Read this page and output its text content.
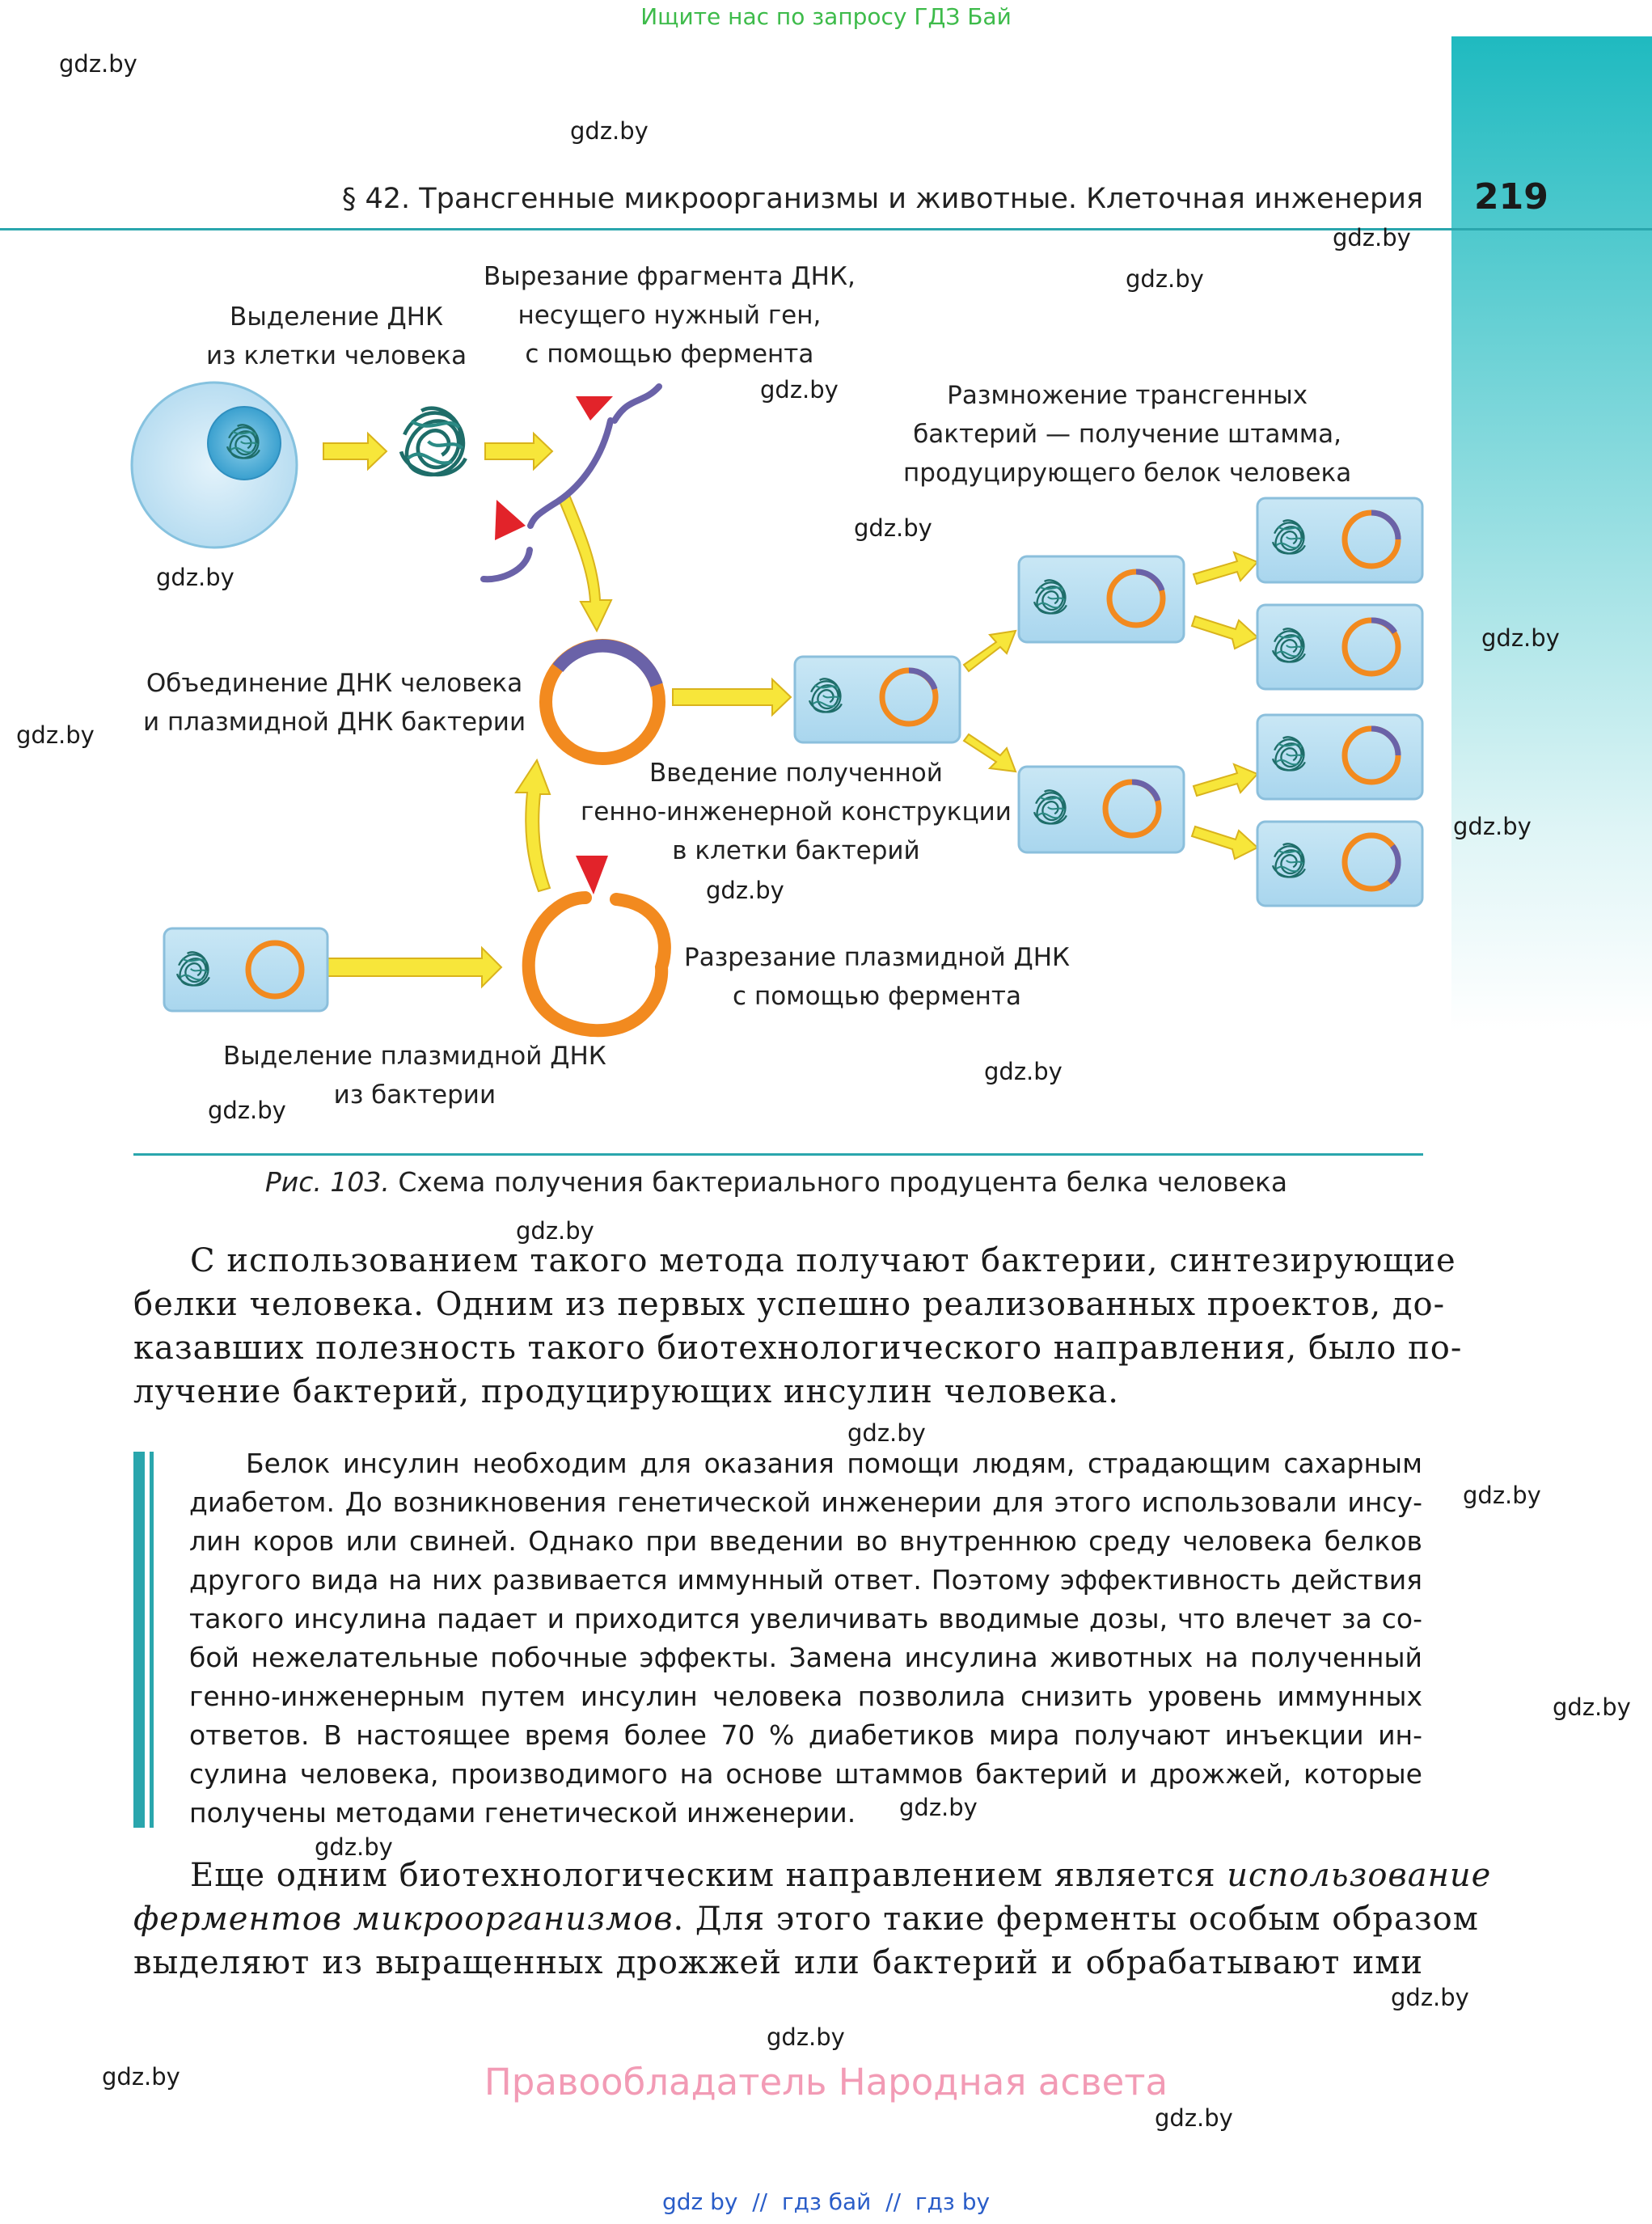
Ищите нас по запросу ГДЗ Бай
§ 42. Трансгенные микроорганизмы и животные. Клеточная инженерия 219
Выделение ДНК
из клетки человека
Вырезание фрагмента ДНК,
несущего нужный ген,
с помощью фермента
Размножение трансгенных
бактерий — получение штамма,
продуцирующего белок человека
Объединение ДНК человека
и плазмидной ДНК бактерии
Введение полученной
генно-инженерной конструкции
в клетки бактерий
Разрезание плазмидной ДНК
с помощью фермента
Выделение плазмидной ДНК
из бактерии
Рис. 103. Схема получения бактериального продуцента белка человека
С использованием такого метода получают бактерии, синтезирующие
белки человека. Одним из первых успешно реализованных проектов, до-
казавших полезность такого биотехнологического направления, было по-
лучение бактерий, продуцирующих инсулин человека.
Белок инсулин необходим для оказания помощи людям, страдающим сахарным
диабетом. До возникновения генетической инженерии для этого использовали инсу-
лин коров или свиней. Однако при введении во внутреннюю среду человека белков
другого вида на них развивается иммунный ответ. Поэтому эффективность действия
такого инсулина падает и приходится увеличивать вводимые дозы, что влечет за со-
бой нежелательные побочные эффекты. Замена инсулина животных на полученный
генно-инженерным путем инсулин человека позволила снизить уровень иммунных
ответов. В настоящее время более 70 % диабетиков мира получают инъекции ин-
сулина человека, производимого на основе штаммов бактерий и дрожжей, которые
получены методами генетической инженерии.
Еще одним биотехнологическим направлением является использование
ферментов микроорганизмов. Для этого такие ферменты особым образом
выделяют из выращенных дрожжей или бактерий и обрабатывают ими
Правообладатель Народная асвета
gdz by  //  гдз бай  //  гдз by
gdz.by
gdz.by
gdz.by
gdz.by
gdz.by
gdz.by
gdz.by
gdz.by
gdz.by
gdz.by
gdz.by
gdz.by
gdz.by
gdz.by
gdz.by
gdz.by
gdz.by
gdz.by
gdz.by
gdz.by
gdz.by
gdz.by
gdz.by
